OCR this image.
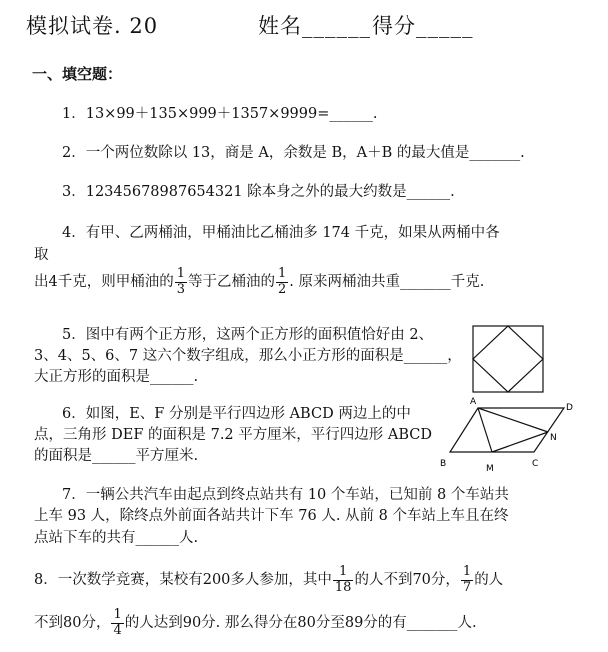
模拟试卷. 20	姓名______ 得分_____
一、填空题：
1．13×99＋135×999＋1357×9999=______.
2．一个两位数除以 13，商是 A，余数是 B，A＋B 的最大值是_______.
3．12345678987654321 除本身之外的最大约数是______.
4．有甲、乙两桶油，甲桶油比乙桶油多 174 千克，如果从两桶中各
取
出4千克，则甲桶油的 $\frac{1}{3}$ 等于乙桶油的 $\frac{1}{2}$ . 原来两桶油共重_______千克.
5．图中有两个正方形，这两个正方形的面积值恰好由 2、
3、4、5、6、7 这六个数字组成，那么小正方形的面积是______，
大正方形的面积是______.
6．如图，E、F 分别是平行四边形 ABCD 两边上的中
点，三角形 DEF 的面积是 7.2 平方厘米，平行四边形 ABCD
的面积是______平方厘米.
A
D
N
B	M	C
7．一辆公共汽车由起点到终点站共有 10 个车站，已知前 8 个车站共
上车 93 人，除终点外前面各站共计下车 76 人. 从前 8 个车站上车且在终
点站下车的共有______人.
8．一次数学竞赛，某校有200多人参加，其中 $\frac{1}{18}$ 的人不到70分， $\frac{1}{7}$ 的人
不到80分， $\frac{1}{4}$ 的人达到90分. 那么得分在80分至89分的有_______人.
